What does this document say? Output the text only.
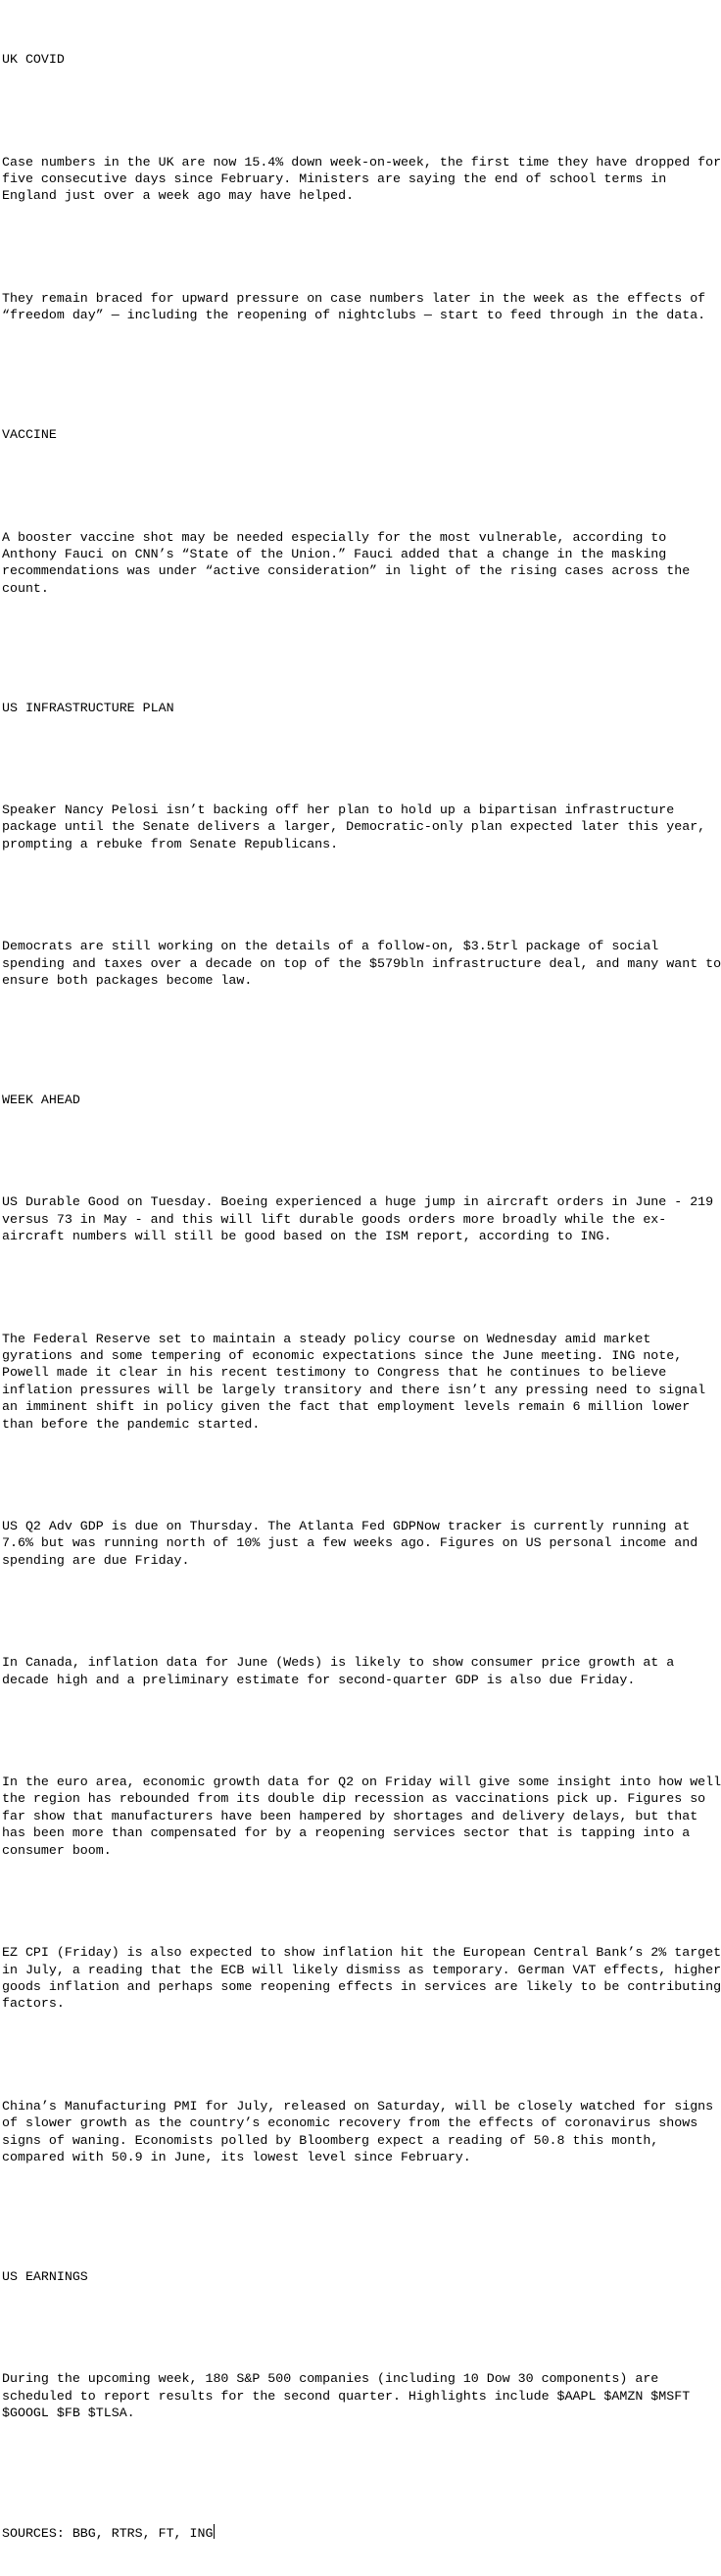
UK COVID

Case numbers in the UK are now 15.4% down week-on-week, the first time they have dropped for
five consecutive days since February. Ministers are saying the end of school terms in
England just over a week ago may have helped.

They remain braced for upward pressure on case numbers later in the week as the effects of
“freedom day” — including the reopening of nightclubs — start to feed through in the data.

VACCINE

A booster vaccine shot may be needed especially for the most vulnerable, according to
Anthony Fauci on CNN’s “State of the Union.” Fauci added that a change in the masking
recommendations was under “active consideration” in light of the rising cases across the
count.

US INFRASTRUCTURE PLAN

Speaker Nancy Pelosi isn’t backing off her plan to hold up a bipartisan infrastructure
package until the Senate delivers a larger, Democratic-only plan expected later this year,
prompting a rebuke from Senate Republicans.

Democrats are still working on the details of a follow-on, $3.5trl package of social
spending and taxes over a decade on top of the $579bln infrastructure deal, and many want to
ensure both packages become law.

WEEK AHEAD

US Durable Good on Tuesday. Boeing experienced a huge jump in aircraft orders in June - 219
versus 73 in May - and this will lift durable goods orders more broadly while the ex-
aircraft numbers will still be good based on the ISM report, according to ING.

The Federal Reserve set to maintain a steady policy course on Wednesday amid market
gyrations and some tempering of economic expectations since the June meeting. ING note,
Powell made it clear in his recent testimony to Congress that he continues to believe
inflation pressures will be largely transitory and there isn’t any pressing need to signal
an imminent shift in policy given the fact that employment levels remain 6 million lower
than before the pandemic started.

US Q2 Adv GDP is due on Thursday. The Atlanta Fed GDPNow tracker is currently running at
7.6% but was running north of 10% just a few weeks ago. Figures on US personal income and
spending are due Friday.

In Canada, inflation data for June (Weds) is likely to show consumer price growth at a
decade high and a preliminary estimate for second-quarter GDP is also due Friday.

In the euro area, economic growth data for Q2 on Friday will give some insight into how well
the region has rebounded from its double dip recession as vaccinations pick up. Figures so
far show that manufacturers have been hampered by shortages and delivery delays, but that
has been more than compensated for by a reopening services sector that is tapping into a
consumer boom.

EZ CPI (Friday) is also expected to show inflation hit the European Central Bank’s 2% target
in July, a reading that the ECB will likely dismiss as temporary. German VAT effects, higher
goods inflation and perhaps some reopening effects in services are likely to be contributing
factors.

China’s Manufacturing PMI for July, released on Saturday, will be closely watched for signs
of slower growth as the country’s economic recovery from the effects of coronavirus shows
signs of waning. Economists polled by Bloomberg expect a reading of 50.8 this month,
compared with 50.9 in June, its lowest level since February.

US EARNINGS

During the upcoming week, 180 S&P 500 companies (including 10 Dow 30 components) are
scheduled to report results for the second quarter. Highlights include $AAPL $AMZN $MSFT
$GOOGL $FB $TLSA.

SOURCES: BBG, RTRS, FT, ING
